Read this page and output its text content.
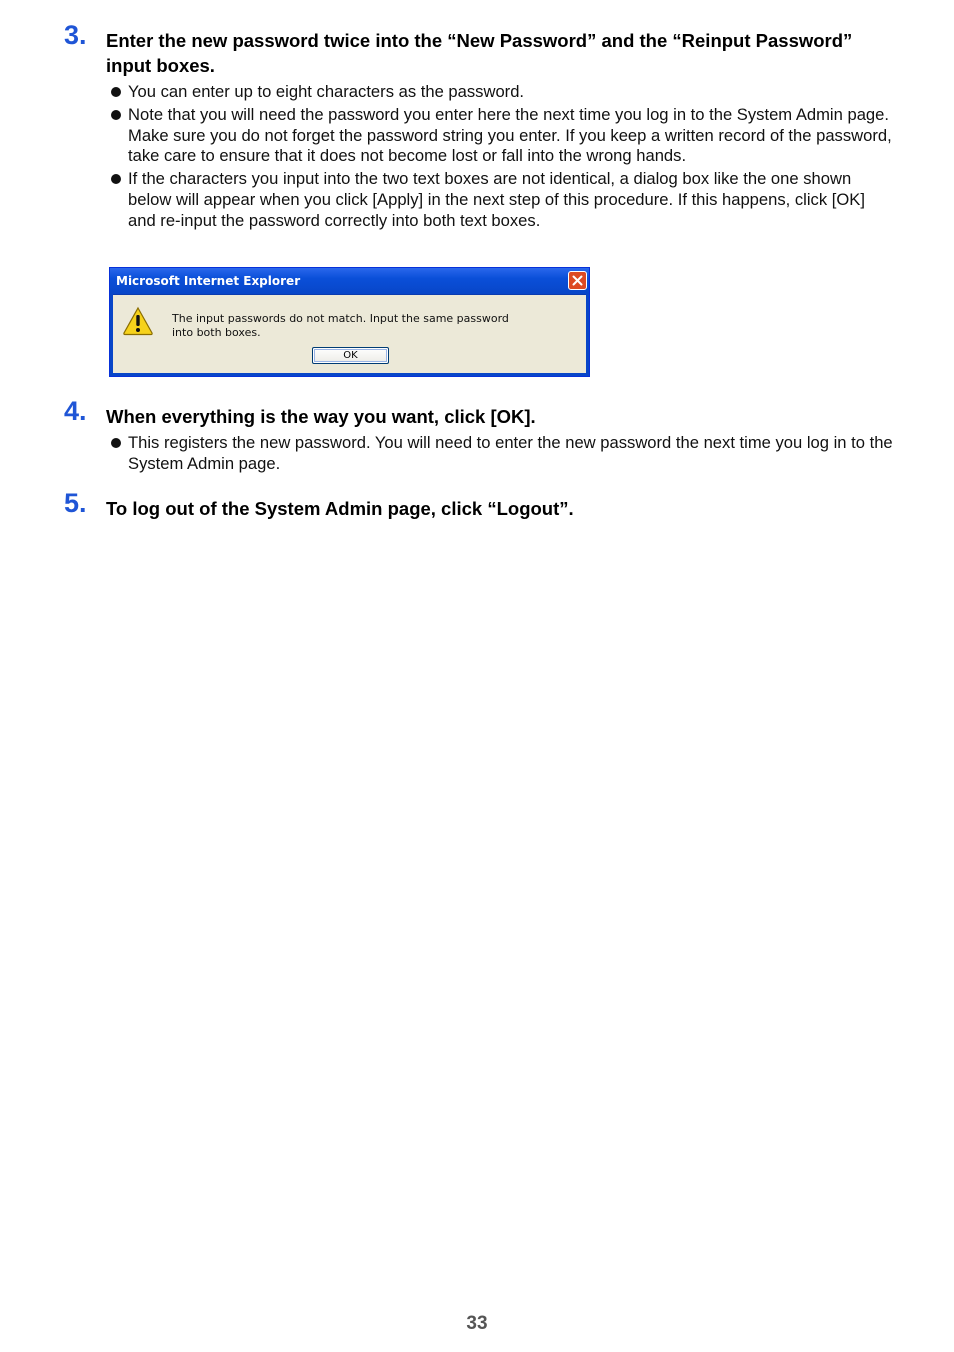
3. Enter the new password twice into the “New Password” and the “Reinput Password” input boxes.
You can enter up to eight characters as the password.
Note that you will need the password you enter here the next time you log in to the System Admin page. Make sure you do not forget the password string you enter. If you keep a written record of the password, take care to ensure that it does not become lost or fall into the wrong hands.
If the characters you input into the two text boxes are not identical, a dialog box like the one shown below will appear when you click [Apply] in the next step of this procedure. If this happens, click [OK] and re-input the password correctly into both text boxes.
Microsoft Internet Explorer
The input passwords do not match. Input the same password
into both boxes.
OK
4. When everything is the way you want, click [OK].
This registers the new password. You will need to enter the new password the next time you log in to the System Admin page.
5. To log out of the System Admin page, click “Logout”.
33
